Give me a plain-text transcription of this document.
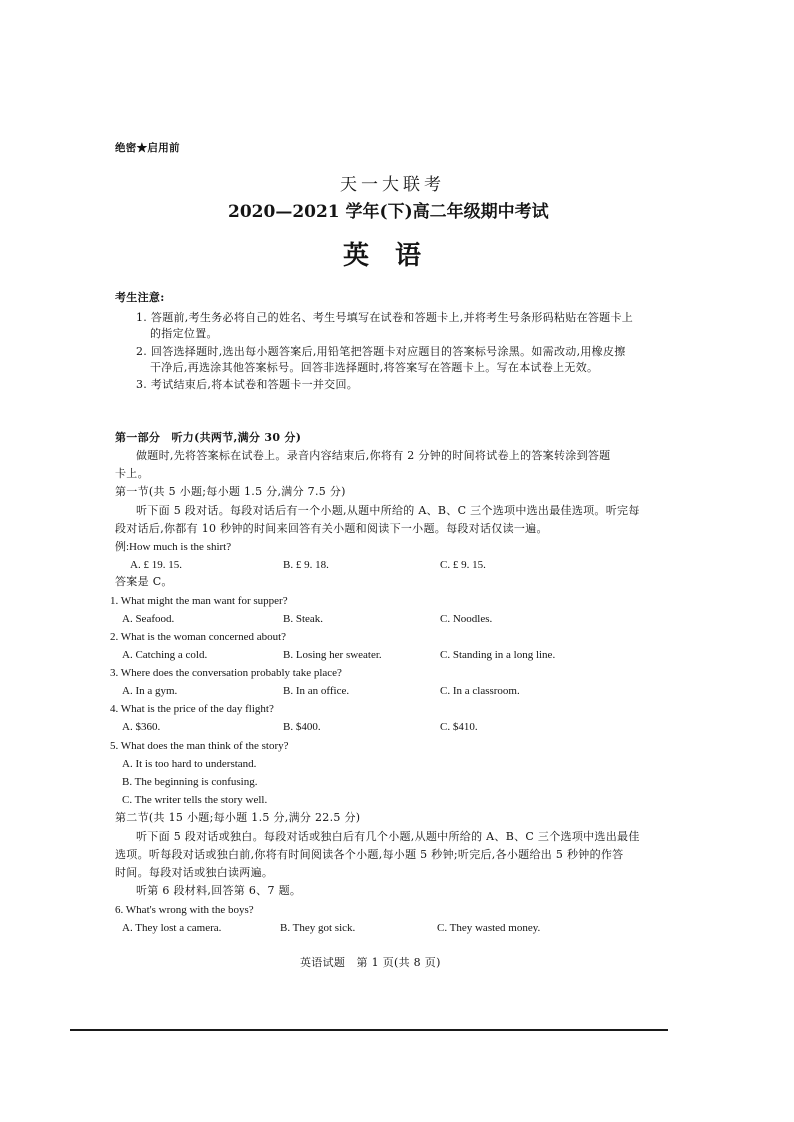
绝密★启用前
天一大联考
2020—2021 学年(下)高二年级期中考试
英　语
考生注意:
1. 答题前,考生务必将自己的姓名、考生号填写在试卷和答题卡上,并将考生号条形码粘贴在答题卡上
的指定位置。
2. 回答选择题时,选出每小题答案后,用铅笔把答题卡对应题目的答案标号涂黑。如需改动,用橡皮擦
干净后,再选涂其他答案标号。回答非选择题时,将答案写在答题卡上。写在本试卷上无效。
3. 考试结束后,将本试卷和答题卡一并交回。
第一部分　听力(共两节,满分 30 分)
做题时,先将答案标在试卷上。录音内容结束后,你将有 2 分钟的时间将试卷上的答案转涂到答题
卡上。
第一节(共 5 小题;每小题 1.5 分,满分 7.5 分)
听下面 5 段对话。每段对话后有一个小题,从题中所给的 A、B、C 三个选项中选出最佳选项。听完每
段对话后,你都有 10 秒钟的时间来回答有关小题和阅读下一小题。每段对话仅读一遍。
例:How much is the shirt?
A. £ 19. 15.	B. £ 9. 18.	C. £ 9. 15.
答案是 C。
1. What might the man want for supper?
A. Seafood.	B. Steak.	C. Noodles.
2. What is the woman concerned about?
A. Catching a cold.	B. Losing her sweater.	C. Standing in a long line.
3. Where does the conversation probably take place?
A. In a gym.	B. In an office.	C. In a classroom.
4. What is the price of the day flight?
A. $360.	B. $400.	C. $410.
5. What does the man think of the story?
A. It is too hard to understand.
B. The beginning is confusing.
C. The writer tells the story well.
第二节(共 15 小题;每小题 1.5 分,满分 22.5 分)
听下面 5 段对话或独白。每段对话或独白后有几个小题,从题中所给的 A、B、C 三个选项中选出最佳
选项。听每段对话或独白前,你将有时间阅读各个小题,每小题 5 秒钟;听完后,各小题给出 5 秒钟的作答
时间。每段对话或独白读两遍。
听第 6 段材料,回答第 6、7 题。
6. What's wrong with the boys?
A. They lost a camera.	B. They got sick.	C. They wasted money.
英语试题　第 1 页(共 8 页)
